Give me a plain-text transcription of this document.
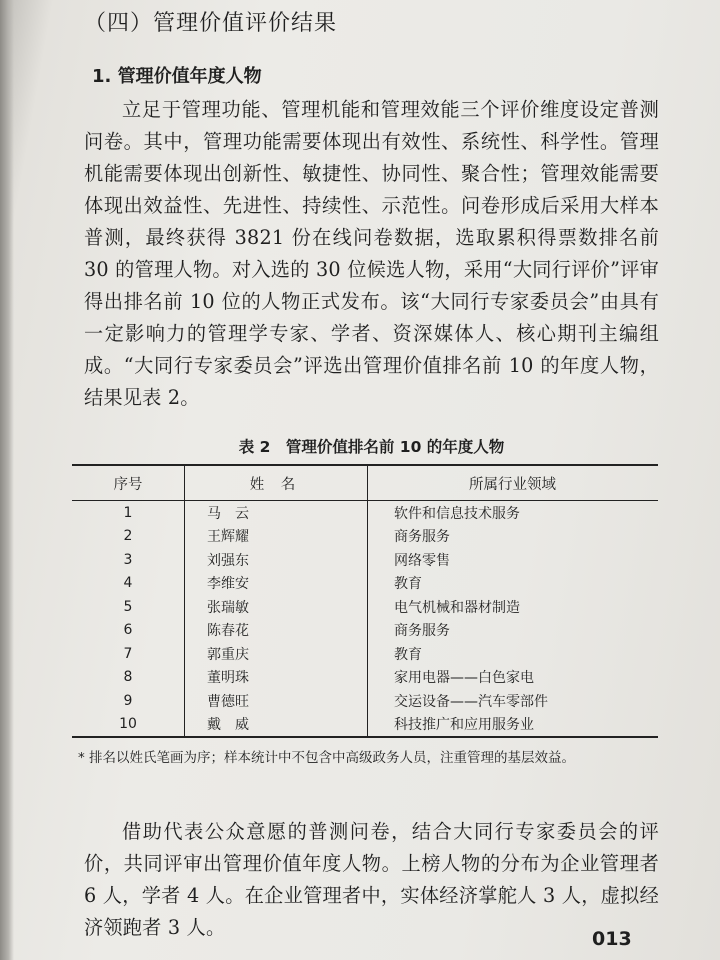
（四）管理价值评价结果
1. 管理价值年度人物

立足于管理功能、管理机能和管理效能三个评价维度设定普测问卷。其中，管理功能需要体现出有效性、系统性、科学性。管理机能需要体现出创新性、敏捷性、协同性、聚合性；管理效能需要体现出效益性、先进性、持续性、示范性。问卷形成后采用大样本普测，最终获得 3821 份在线问卷数据，选取累积得票数排名前 30 的管理人物。对入选的 30 位候选人物，采用“大同行评价”评审得出排名前 10 位的人物正式发布。该“大同行专家委员会”由具有一定影响力的管理学专家、学者、资深媒体人、核心期刊主编组成。“大同行专家委员会”评选出管理价值排名前 10 的年度人物，结果见表 2。

表 2　管理价值排名前 10 的年度人物
序号	姓 名	所属行业领域
1	马　云	软件和信息技术服务
2	王辉耀	商务服务
3	刘强东	网络零售
4	李维安	教育
5	张瑞敏	电气机械和器材制造
6	陈春花	商务服务
7	郭重庆	教育
8	董明珠	家用电器——白色家电
9	曹德旺	交运设备——汽车零部件
10	戴　威	科技推广和应用服务业
* 排名以姓氏笔画为序；样本统计中不包含中高级政务人员，注重管理的基层效益。

借助代表公众意愿的普测问卷，结合大同行专家委员会的评价，共同评审出管理价值年度人物。上榜人物的分布为企业管理者 6 人，学者 4 人。在企业管理者中，实体经济掌舵人 3 人，虚拟经济领跑者 3 人。	013
